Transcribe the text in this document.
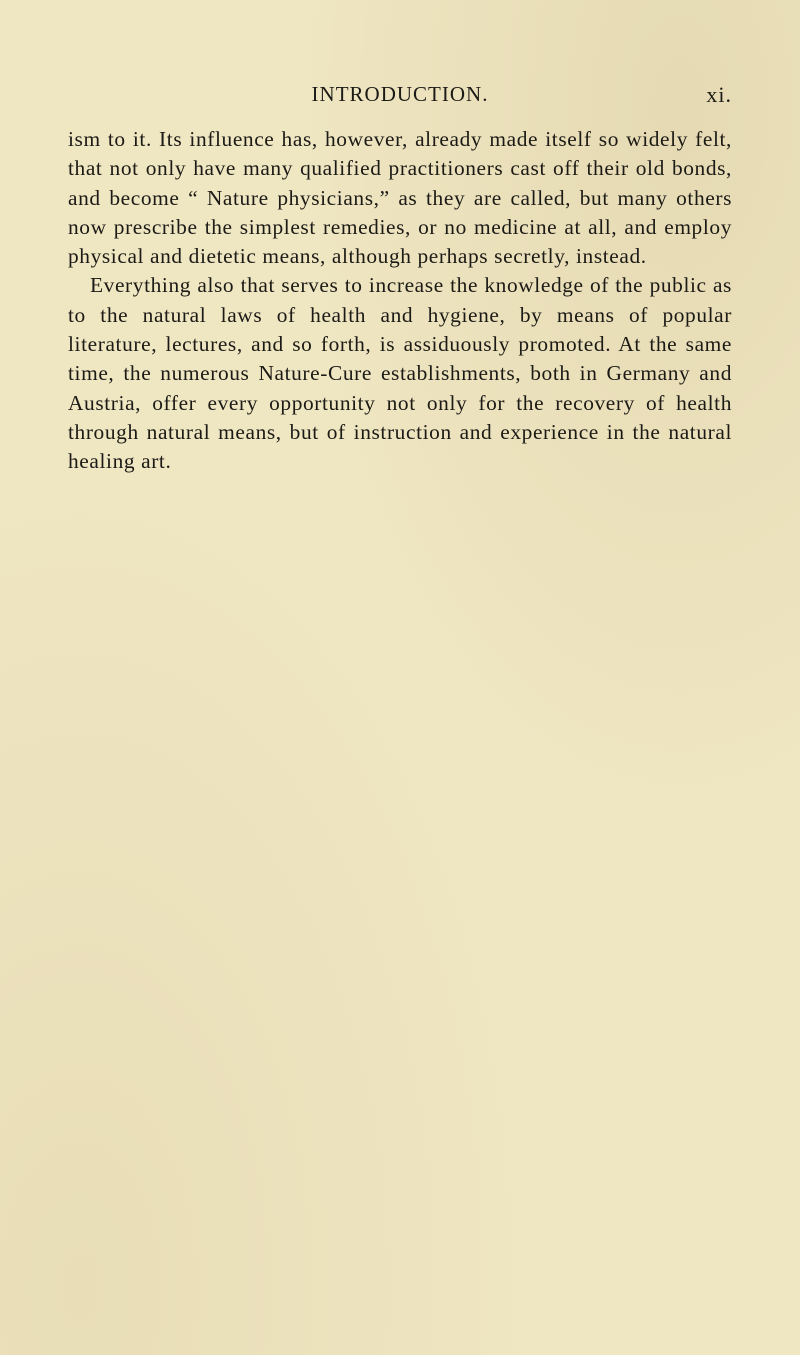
INTRODUCTION.	xi.

ism to it. Its influence has, however, already made itself so widely felt, that not only have many qualified practitioners cast off their old bonds, and become “ Nature physicians,” as they are called, but many others now prescribe the simplest remedies, or no medicine at all, and employ physical and dietetic means, although perhaps secretly, instead.

Everything also that serves to increase the knowledge of the public as to the natural laws of health and hygiene, by means of popular literature, lectures, and so forth, is assiduously promoted. At the same time, the numerous Nature-Cure establishments, both in Germany and Austria, offer every opportunity not only for the recovery of health through natural means, but of instruction and experience in the natural healing art.
